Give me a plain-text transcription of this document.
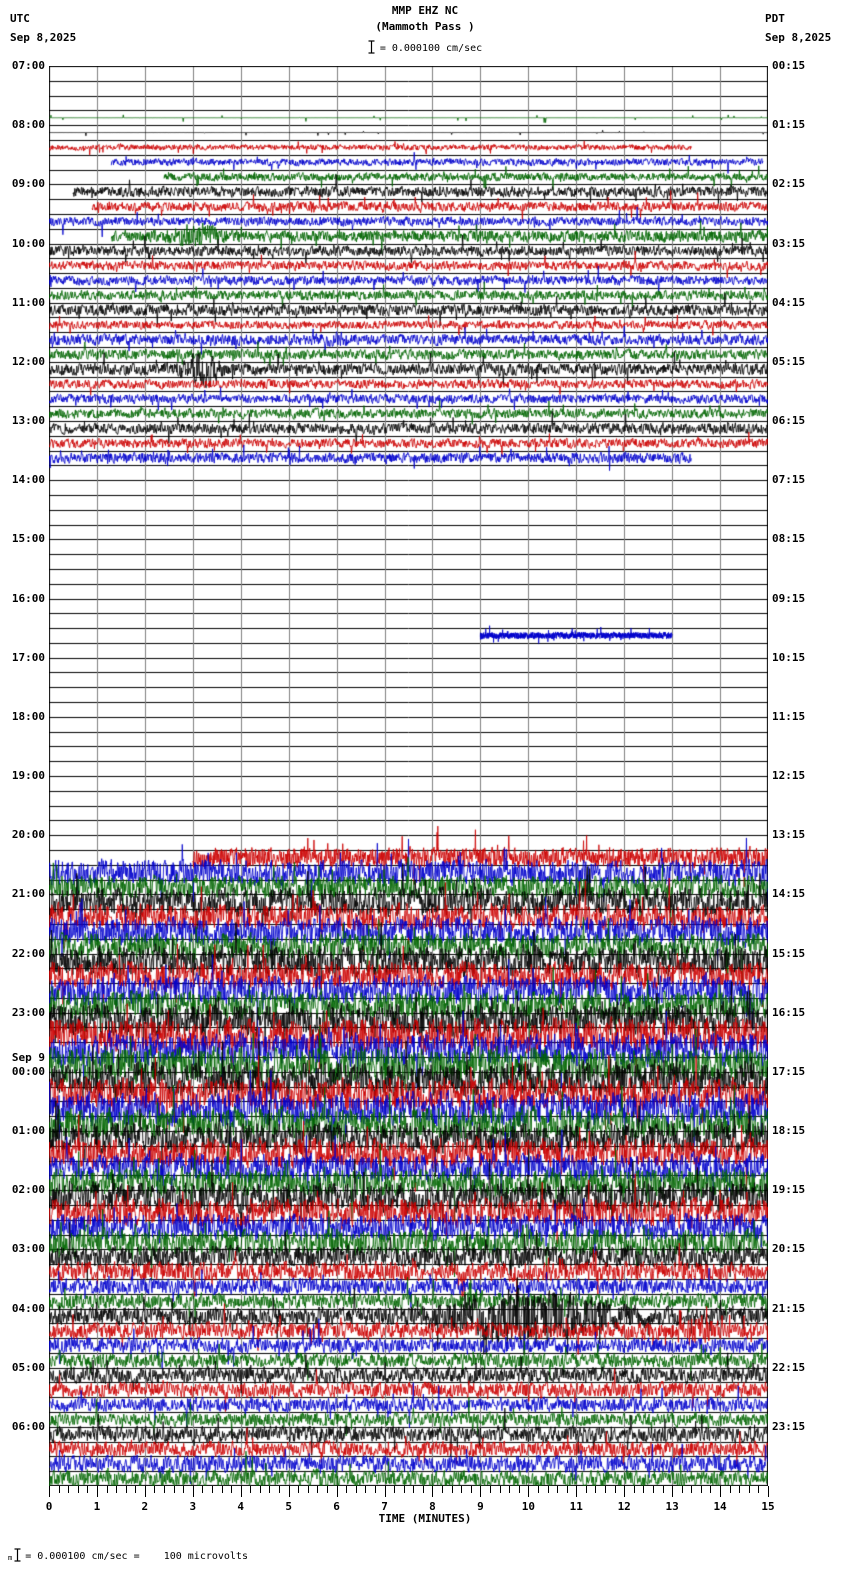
UTC
Sep 8,2025
PDT
Sep 8,2025
MMP EHZ NC
(Mammoth Pass )
= 0.000100 cm/sec
07:00
08:00
09:00
10:00
11:00
12:00
13:00
14:00
15:00
16:00
17:00
18:00
19:00
20:00
21:00
22:00
23:00
00:00
01:00
02:00
03:00
04:00
05:00
06:00
Sep 9
00:15
01:15
02:15
03:15
04:15
05:15
06:15
07:15
08:15
09:15
10:15
11:15
12:15
13:15
14:15
15:15
16:15
17:15
18:15
19:15
20:15
21:15
22:15
23:15
0	1	2	3	4	5	6	7	8	9	10	11	12	13	14	15
TIME (MINUTES)
m = 0.000100 cm/sec =    100 microvolts
